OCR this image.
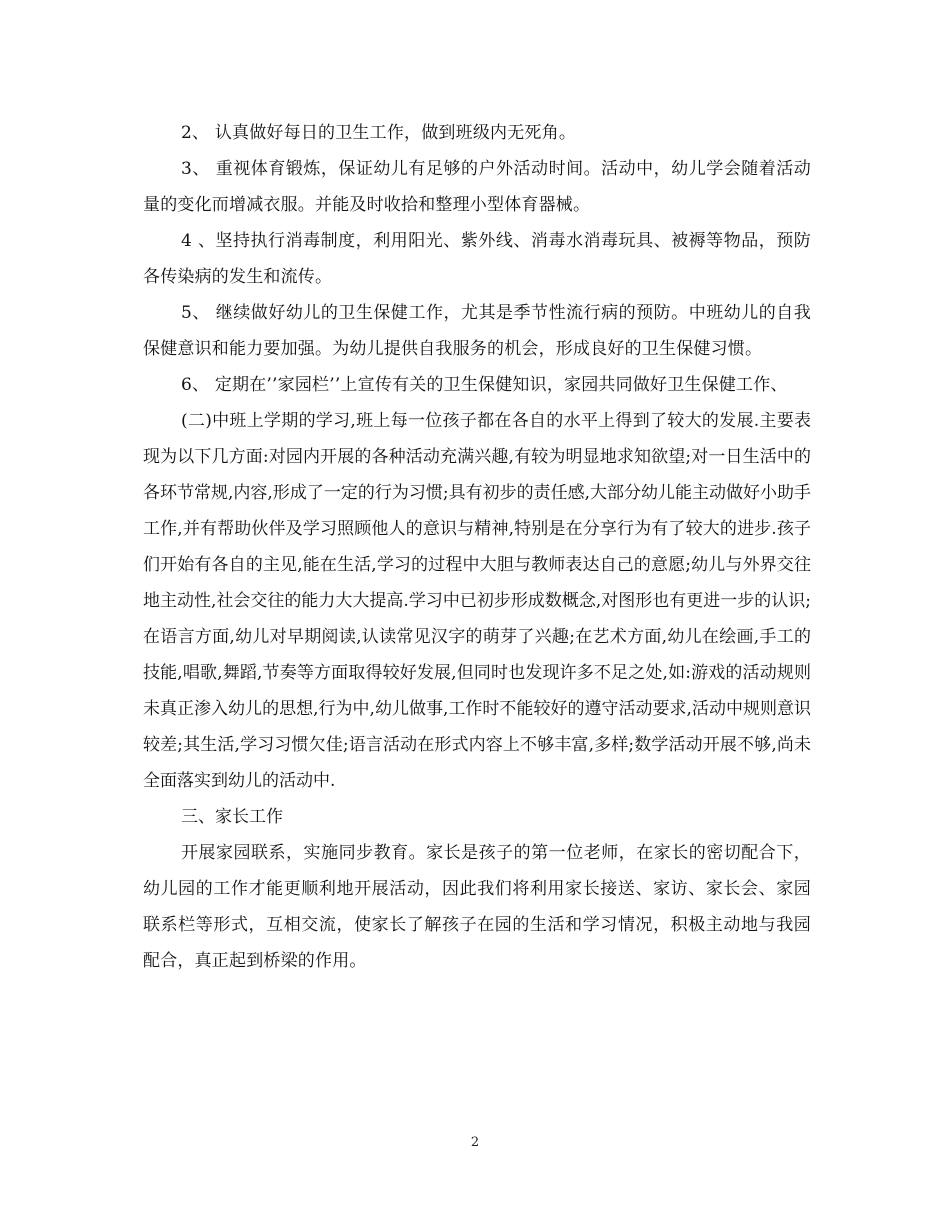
2、 认真做好每日的卫生工作，做到班级内无死角。

3、 重视体育锻炼，保证幼儿有足够的户外活动时间。活动中，幼儿学会随着活动量的变化而增减衣服。并能及时收拾和整理小型体育器械。

4 、坚持执行消毒制度，利用阳光、紫外线、消毒水消毒玩具、被褥等物品，预防各传染病的发生和流传。

5、 继续做好幼儿的卫生保健工作，尤其是季节性流行病的预防。中班幼儿的自我保健意识和能力要加强。为幼儿提供自我服务的机会，形成良好的卫生保健习惯。

6、 定期在’’家园栏’’上宣传有关的卫生保健知识，家园共同做好卫生保健工作、

(二)中班上学期的学习,班上每一位孩子都在各自的水平上得到了较大的发展.主要表现为以下几方面:对园内开展的各种活动充满兴趣,有较为明显地求知欲望;对一日生活中的各环节常规,内容,形成了一定的行为习惯;具有初步的责任感,大部分幼儿能主动做好小助手工作,并有帮助伙伴及学习照顾他人的意识与精神,特别是在分享行为有了较大的进步.孩子们开始有各自的主见,能在生活,学习的过程中大胆与教师表达自己的意愿;幼儿与外界交往地主动性,社会交往的能力大大提高.学习中已初步形成数概念,对图形也有更进一步的认识;在语言方面,幼儿对早期阅读,认读常见汉字的萌芽了兴趣;在艺术方面,幼儿在绘画,手工的技能,唱歌,舞蹈,节奏等方面取得较好发展,但同时也发现许多不足之处,如:游戏的活动规则未真正渗入幼儿的思想,行为中,幼儿做事,工作时不能较好的遵守活动要求,活动中规则意识较差;其生活,学习习惯欠佳;语言活动在形式内容上不够丰富,多样;数学活动开展不够,尚未全面落实到幼儿的活动中.

三、家长工作

开展家园联系，实施同步教育。家长是孩子的第一位老师，在家长的密切配合下， 幼儿园的工作才能更顺利地开展活动，因此我们将利用家长接送、家访、家长会、家园联系栏等形式，互相交流，使家长了解孩子在园的生活和学习情况，积极主动地与我园配合，真正起到桥梁的作用。

2
